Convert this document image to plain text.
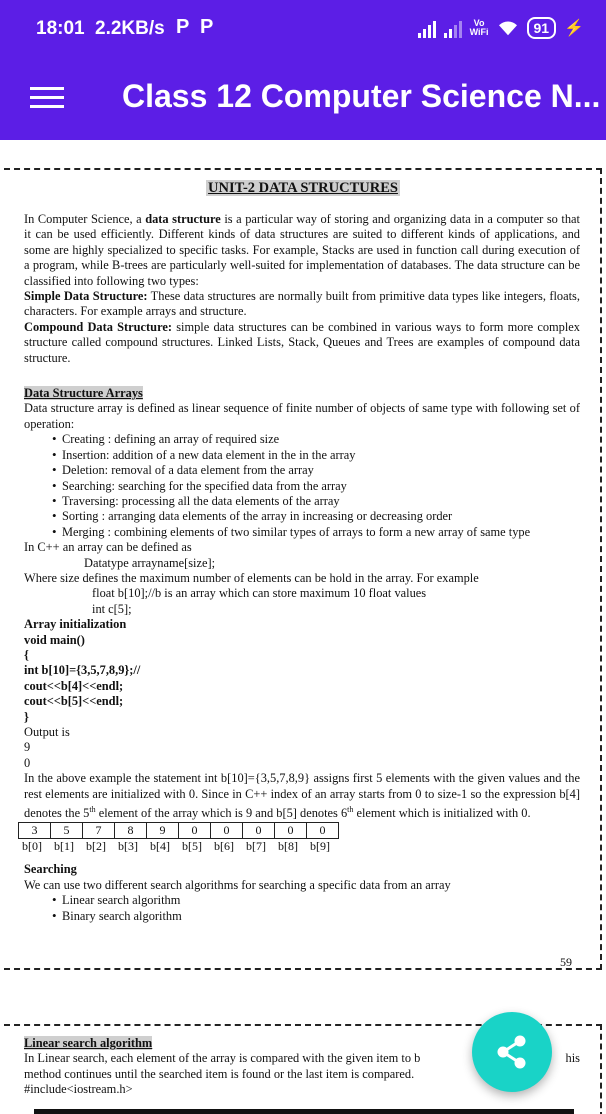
18:01 2.2KB/s P P	Vo
WiFi	91 ⚡
Class 12 Computer Science N...
UNIT-2 DATA STRUCTURES

In Computer Science, a data structure is a particular way of storing and organizing data in a computer so that it can be used efficiently. Different kinds of data structures are suited to different kinds of applications, and some are highly specialized to specific tasks. For example, Stacks are used in function call during execution of a program, while B-trees are particularly well-suited for implementation of databases. The data structure can be classified into following two types:

Simple Data Structure: These data structures are normally built from primitive data types like integers, floats, characters. For example arrays and structure.

Compound Data Structure: simple data structures can be combined in various ways to form more complex structure called compound structures. Linked Lists, Stack, Queues and Trees are examples of compound data structure.

Data Structure Arrays

Data structure array is defined as linear sequence of finite number of objects of same type with following set of operation:

• Creating : defining an array of required size
• Insertion: addition of a new data element in the in the array
• Deletion: removal of a data element from the array
• Searching: searching for the specified data from the array
• Traversing: processing all the data elements of the array
• Sorting : arranging data elements of the array in increasing or decreasing order
• Merging : combining elements of two similar types of arrays to form a new array of same type
In C++ an array can be defined as
Datatype arrayname[size];
Where size defines the maximum number of elements can be hold in the array. For example
float b[10];//b is an array which can store maximum 10 float values
int c[5];
Array initialization
void main()
{
int b[10]={3,5,7,8,9};//
cout<<b[4]<<endl;
cout<<b[5]<<endl;
}
Output is
9
0

In the above example the statement int b[10]={3,5,7,8,9} assigns first 5 elements with the given values and the rest elements are initialized with 0. Since in C++ index of an array starts from 0 to size-1 so the expression b[4] denotes the 5th element of the array which is 9 and b[5] denotes 6th element which is initialized with 0.

3	5	7	8	9	0	0	0	0	0
b[0]	b[1]	b[2]	b[3]	b[4]	b[5]	b[6]	b[7]	b[8]	b[9]
Searching
We can use two different search algorithms for searching a specific data from an array
• Linear search algorithm
• Binary search algorithm
59
Linear search algorithm
In Linear search, each element of the array is compared with the given item to b	his
method continues until the searched item is found or the last item is compared.
#include<iostream.h>
